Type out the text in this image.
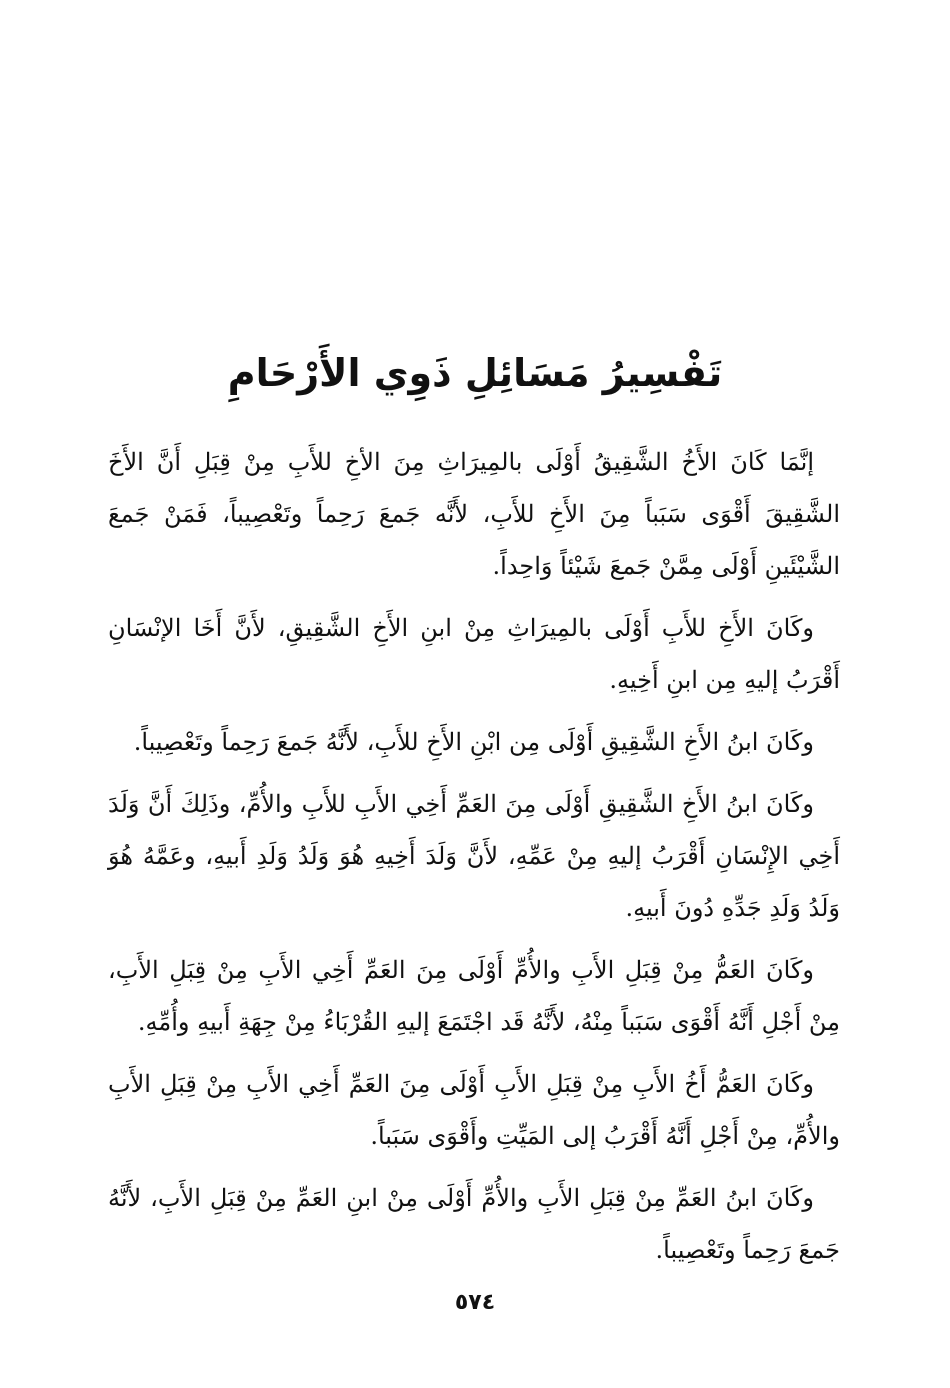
تَفْسِيرُ مَسَائِلِ ذَوِي الأَرْحَامِ

إنَّمَا كَانَ الأَخُ الشَّقِيقُ أَوْلَى بالمِيرَاثِ مِنَ الأخِ للأَبِ مِنْ قِبَلِ أَنَّ الأَخَ الشَّقِيقَ أَقْوَى سَبَباً مِنَ الأَخِ للأَبِ، لأَنَّه جَمعَ رَحِماً وتَعْصِيباً، فَمَنْ جَمعَ الشَّيْئَينِ أَوْلَى مِمَّنْ جَمعَ شَيْئاً وَاحِداً.

وكَانَ الأَخِ للأَبِ أَوْلَى بالمِيرَاثِ مِنْ ابنِ الأَخِ الشَّقِيقِ، لأَنَّ أَخَا الإنْسَانِ أَقْرَبُ إليهِ مِن ابنِ أَخِيهِ.

وكَانَ ابنُ الأَخِ الشَّقِيقِ أَوْلَى مِن ابْنِ الأَخِ للأَبِ، لأَنَّهُ جَمعَ رَحِماً وتَعْصِيباً.

وكَانَ ابنُ الأَخِ الشَّقِيقِ أَوْلَى مِنَ العَمِّ أَخِي الأَبِ للأَبِ والأُمِّ، وذَلِكَ أَنَّ وَلَدَ أَخِي الإِنْسَانِ أَقْرَبُ إليهِ مِنْ عَمِّهِ، لأَنَّ وَلَدَ أَخِيهِ هُوَ وَلَدُ وَلَدِ أَبيهِ، وعَمَّهُ هُوَ وَلَدُ وَلَدِ جَدِّهِ دُونَ أَبيهِ.

وكَانَ العَمُّ مِنْ قِبَلِ الأَبِ والأُمِّ أَوْلَى مِنَ العَمِّ أَخِي الأَبِ مِنْ قِبَلِ الأَبِ، مِنْ أَجْلِ أَنَّهُ أَقْوَى سَبَباً مِنْهُ، لأَنَّهُ قَد اجْتَمَعَ إليهِ القُرْبَاءُ مِنْ جِهَةِ أَبيهِ وأُمِّهِ.

وكَانَ العَمُّ أَخُ الأَبِ مِنْ قِبَلِ الأَبِ أَوْلَى مِنَ العَمِّ أَخِي الأَبِ مِنْ قِبَلِ الأَبِ والأُمِّ، مِنْ أَجْلِ أَنَّهُ أَقْرَبُ إلى المَيِّتِ وأَقْوَى سَبَباً.

وكَانَ ابنُ العَمِّ مِنْ قِبَلِ الأَبِ والأُمِّ أَوْلَى مِنْ ابنِ العَمِّ مِنْ قِبَلِ الأَبِ، لأَنَّهُ جَمعَ رَحِماً وتَعْصِيباً.

٥٧٤
